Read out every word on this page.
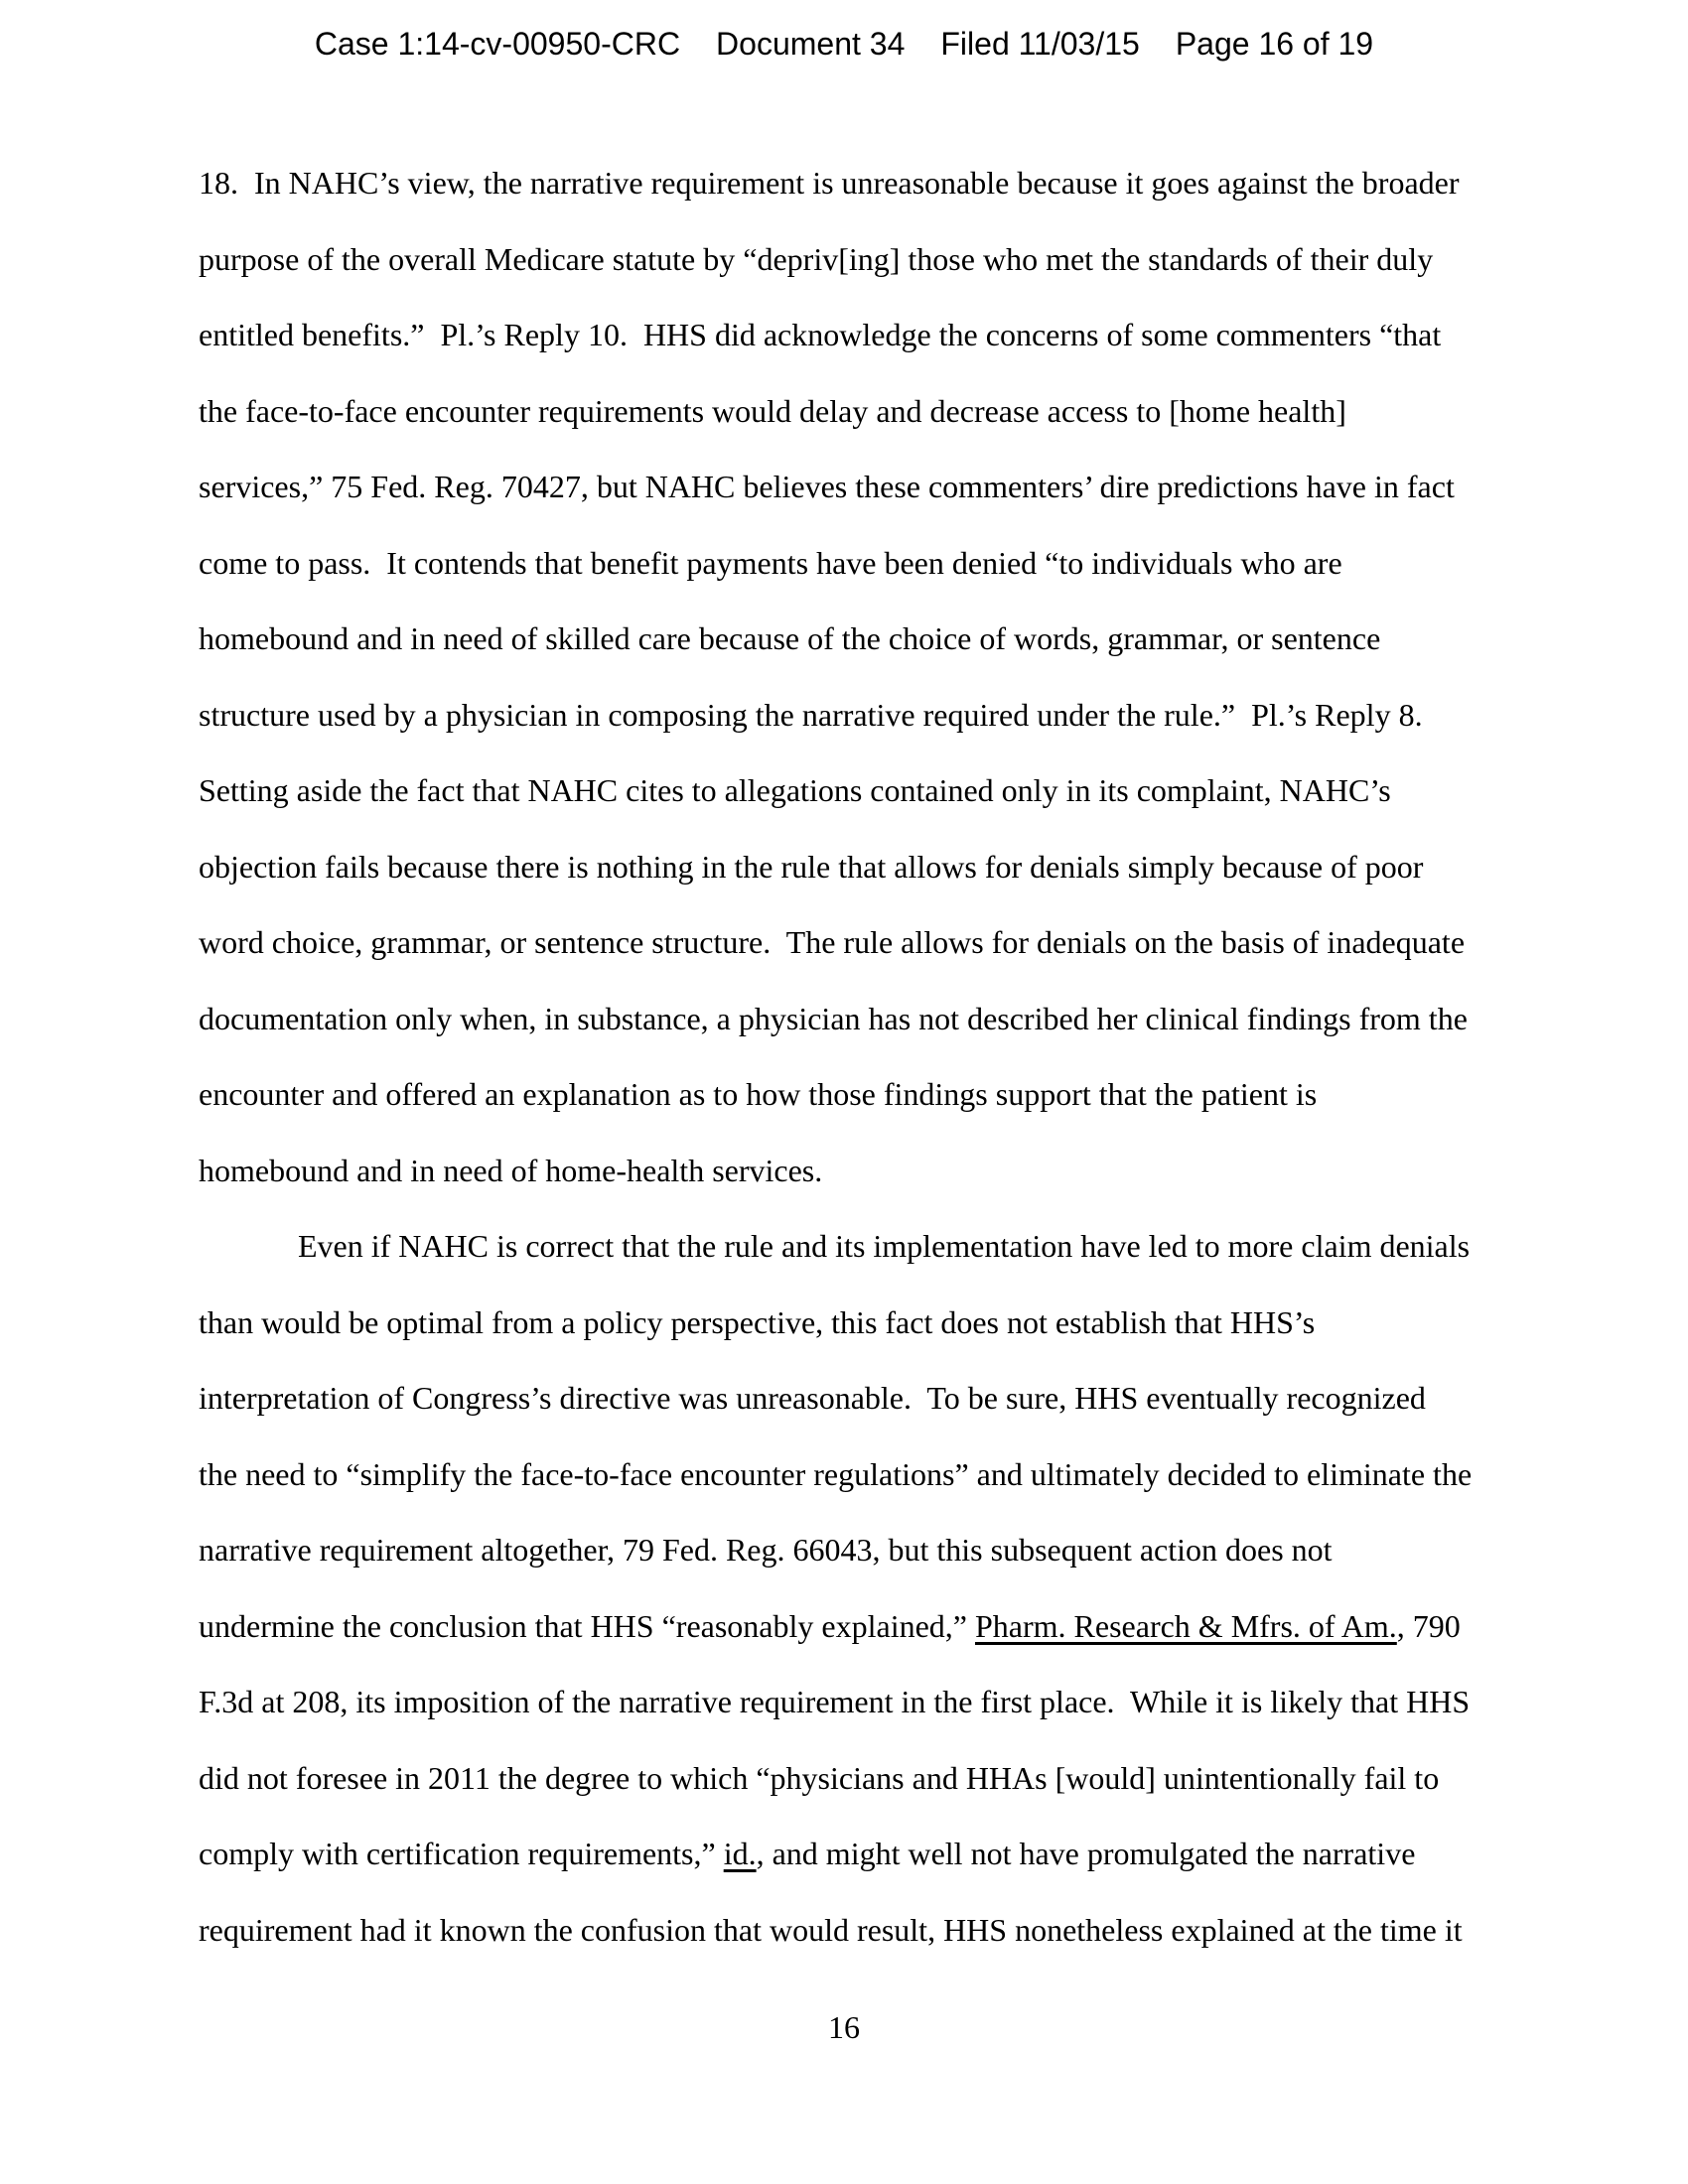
Case 1:14-cv-00950-CRC Document 34 Filed 11/03/15 Page 16 of 19
18.  In NAHC’s view, the narrative requirement is unreasonable because it goes against the broader
purpose of the overall Medicare statute by “depriv[ing] those who met the standards of their duly
entitled benefits.”  Pl.’s Reply 10.  HHS did acknowledge the concerns of some commenters “that
the face-to-face encounter requirements would delay and decrease access to [home health]
services,” 75 Fed. Reg. 70427, but NAHC believes these commenters’ dire predictions have in fact
come to pass.  It contends that benefit payments have been denied “to individuals who are
homebound and in need of skilled care because of the choice of words, grammar, or sentence
structure used by a physician in composing the narrative required under the rule.”  Pl.’s Reply 8.
Setting aside the fact that NAHC cites to allegations contained only in its complaint, NAHC’s
objection fails because there is nothing in the rule that allows for denials simply because of poor
word choice, grammar, or sentence structure.  The rule allows for denials on the basis of inadequate
documentation only when, in substance, a physician has not described her clinical findings from the
encounter and offered an explanation as to how those findings support that the patient is
homebound and in need of home-health services.
Even if NAHC is correct that the rule and its implementation have led to more claim denials
than would be optimal from a policy perspective, this fact does not establish that HHS’s
interpretation of Congress’s directive was unreasonable.  To be sure, HHS eventually recognized
the need to “simplify the face-to-face encounter regulations” and ultimately decided to eliminate the
narrative requirement altogether, 79 Fed. Reg. 66043, but this subsequent action does not
undermine the conclusion that HHS “reasonably explained,” Pharm. Research & Mfrs. of Am., 790
F.3d at 208, its imposition of the narrative requirement in the first place.  While it is likely that HHS
did not foresee in 2011 the degree to which “physicians and HHAs [would] unintentionally fail to
comply with certification requirements,” id., and might well not have promulgated the narrative
requirement had it known the confusion that would result, HHS nonetheless explained at the time it
16
